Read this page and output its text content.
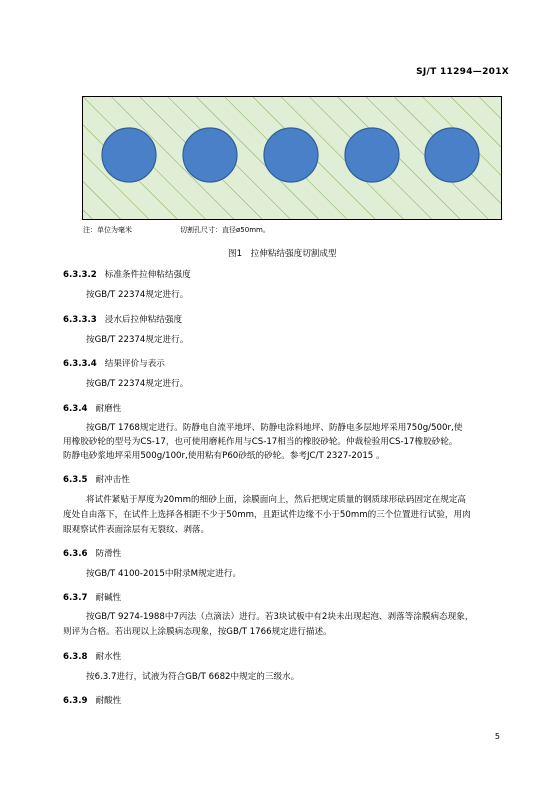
SJ/T 11294—201X
注：单位为毫米	切割孔尺寸：直径ø50mm。
图1　拉伸粘结强度切割成型
6.3.3.2 标准条件拉伸粘结强度
按GB/T 22374规定进行。
6.3.3.3 浸水后拉伸粘结强度
按GB/T 22374规定进行。
6.3.3.4 结果评价与表示
按GB/T 22374规定进行。
6.3.4 耐磨性
按GB/T 1768规定进行。防静电自流平地坪、防静电涂料地坪、防静电多层地坪采用750g/500r,使
用橡胶砂轮的型号为CS-17，也可使用磨耗作用与CS-17相当的橡胶砂轮。仲裁检验用CS-17橡胶砂轮。
防静电砂浆地坪采用500g/100r,使用粘有P60砂纸的砂轮。参考JC/T 2327-2015 。
6.3.5 耐冲击性
将试件紧贴于厚度为20mm的细砂上面，涂膜面向上，然后把规定质量的钢质球形砝码固定在规定高
度处自由落下，在试件上选择各相距不少于50mm，且距试件边缘不小于50mm的三个位置进行试验，用肉
眼观察试件表面涂层有无裂纹、剥落。
6.3.6 防滑性
按GB/T 4100-2015中附录M规定进行。
6.3.7 耐碱性
按GB/T 9274-1988中7丙法（点滴法）进行。若3块试板中有2块未出现起泡、剥落等涂膜病态现象，
则评为合格。若出现以上涂膜病态现象，按GB/T 1766规定进行描述。
6.3.8 耐水性
按6.3.7进行，试液为符合GB/T 6682中规定的三级水。
6.3.9 耐酸性
5
